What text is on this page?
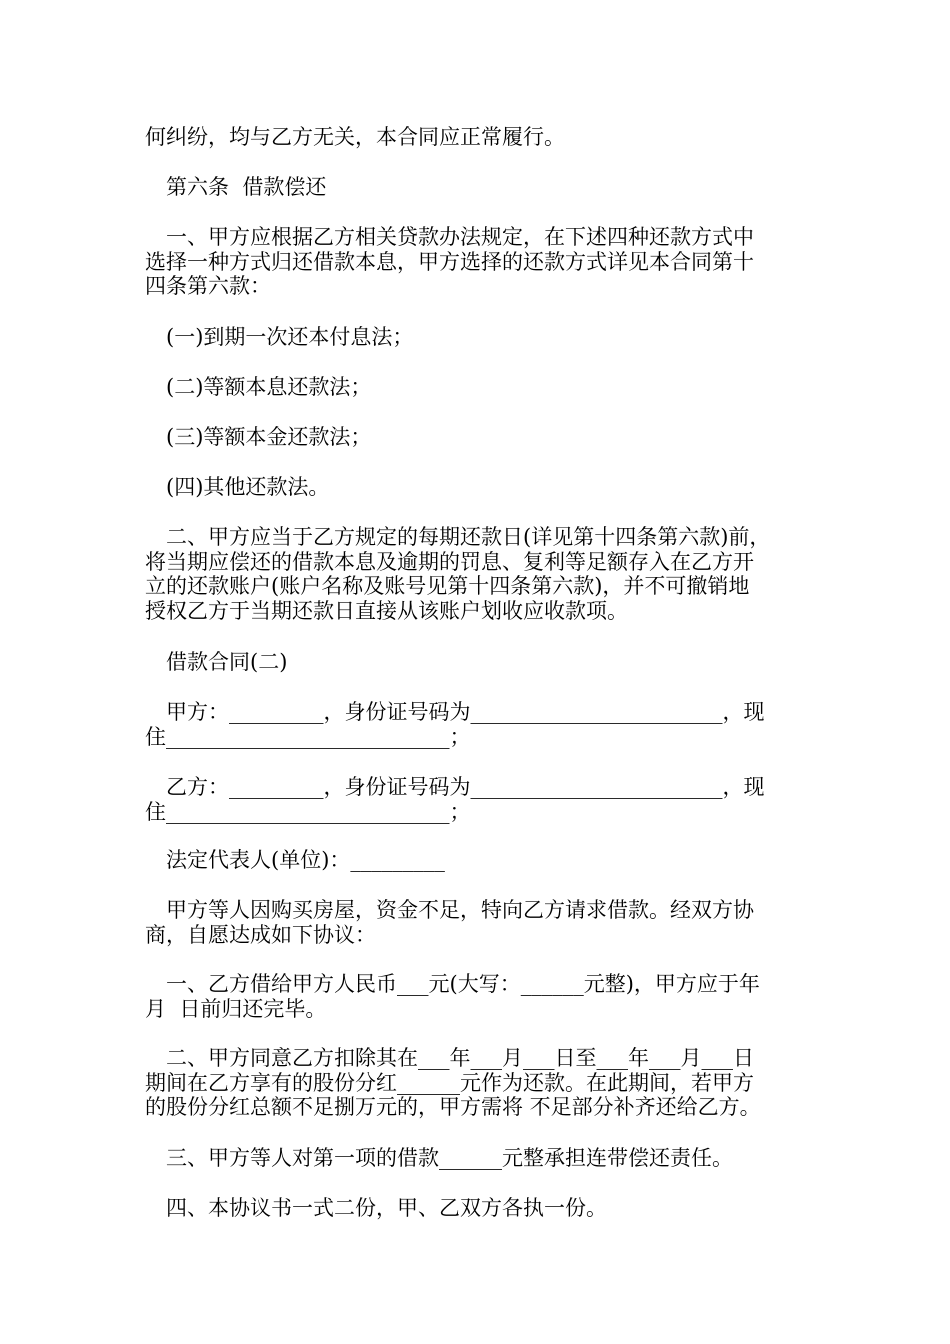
何纠纷，均与乙方无关，本合同应正常履行。
　第六条  借款偿还
　一、甲方应根据乙方相关贷款办法规定，在下述四种还款方式中
选择一种方式归还借款本息，甲方选择的还款方式详见本合同第十
四条第六款：
　(一)到期一次还本付息法；
　(二)等额本息还款法；
　(三)等额本金还款法；
　(四)其他还款法。
　二、甲方应当于乙方规定的每期还款日(详见第十四条第六款)前，
将当期应偿还的借款本息及逾期的罚息、复利等足额存入在乙方开
立的还款账户(账户名称及账号见第十四条第六款)，并不可撤销地
授权乙方于当期还款日直接从该账户划收应收款项。
　借款合同(二)
　甲方：_________，身份证号码为________________________，现
住___________________________；
　乙方：_________，身份证号码为________________________，现
住___________________________；
　法定代表人(单位)：_________
　甲方等人因购买房屋，资金不足，特向乙方请求借款。经双方协
商，自愿达成如下协议：
　一、乙方借给甲方人民币___元(大写：______元整)，甲方应于年
月  日前归还完毕。
　二、甲方同意乙方扣除其在___年___月___日至___年___月___日
期间在乙方享有的股份分红______元作为还款。在此期间，若甲方
的股份分红总额不足捌万元的，甲方需将 不足部分补齐还给乙方。
　三、甲方等人对第一项的借款______元整承担连带偿还责任。
　四、本协议书一式二份，甲、乙双方各执一份。
